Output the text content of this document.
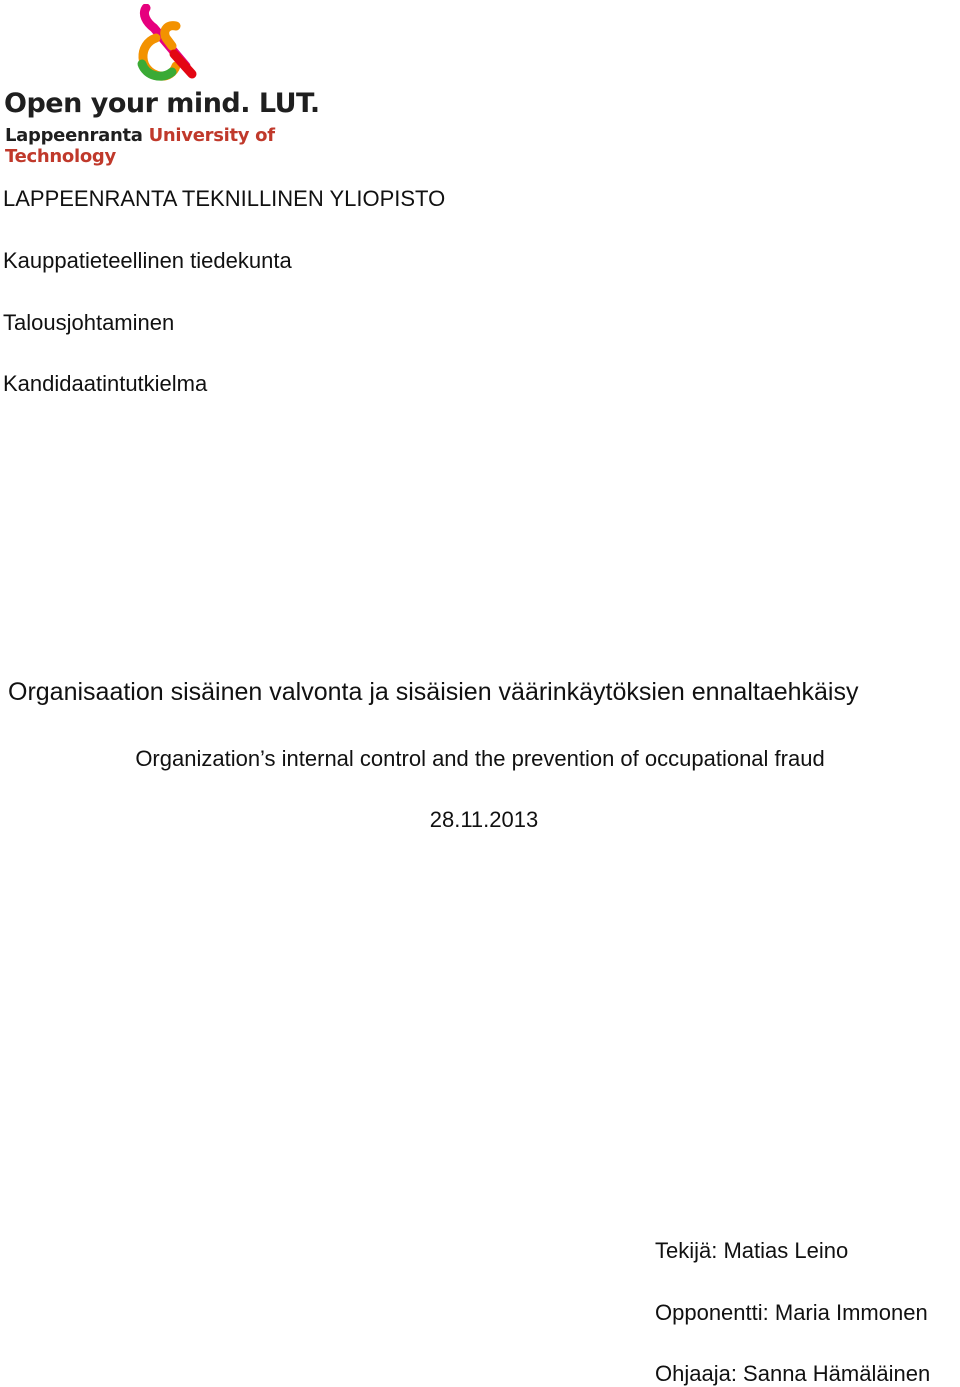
Open your mind. LUT.
Lappeenranta University of Technology
LAPPEENRANTA TEKNILLINEN YLIOPISTO
Kauppatieteellinen tiedekunta
Talousjohtaminen
Kandidaatintutkielma
Organisaation sisäinen valvonta ja sisäisien väärinkäytöksien ennaltaehkäisy
Organization’s internal control and the prevention of occupational fraud
28.11.2013
Tekijä: Matias Leino
Opponentti: Maria Immonen
Ohjaaja: Sanna Hämäläinen
